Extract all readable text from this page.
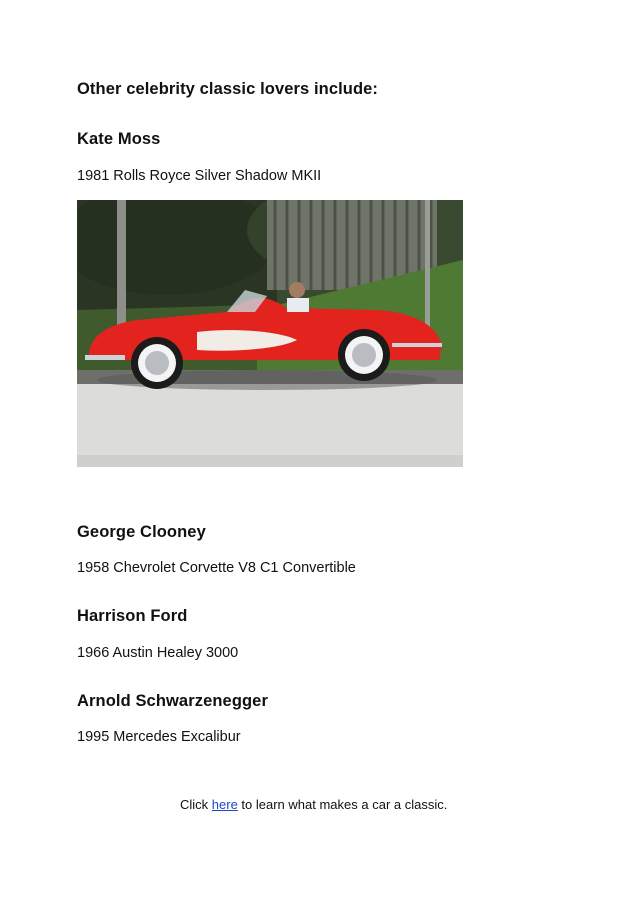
Other celebrity classic lovers include:
Kate Moss
1981 Rolls Royce Silver Shadow MKII
George Clooney
1958 Chevrolet Corvette V8 C1 Convertible
Harrison Ford
1966 Austin Healey 3000
Arnold Schwarzenegger
1995 Mercedes Excalibur
Click here to learn what makes a car a classic.
